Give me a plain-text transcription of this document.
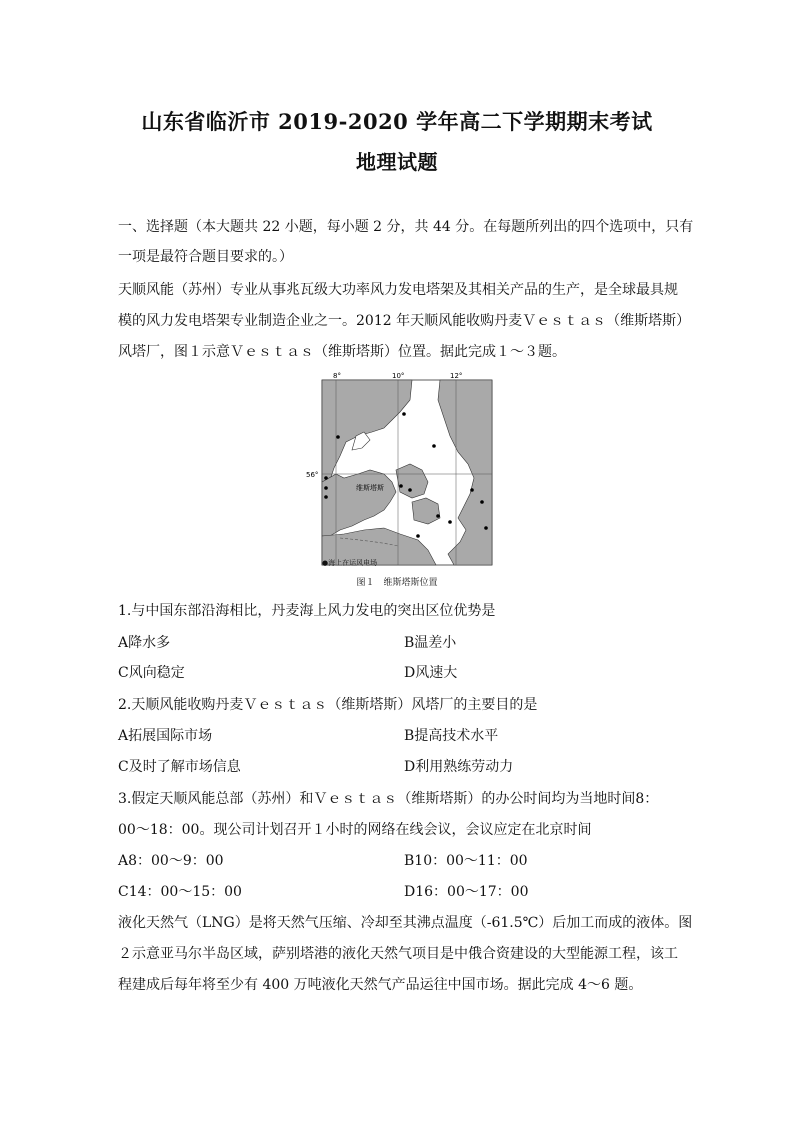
山东省临沂市 2019-2020 学年高二下学期期末考试
地理试题
一、选择题（本大题共 22 小题，每小题 2 分，共 44 分。在每题所列出的四个选项中，只有
一项是最符合题目要求的。）
天顺风能（苏州）专业从事兆瓦级大功率风力发电塔架及其相关产品的生产，是全球最具规
模的风力发电塔架专业制造企业之一。2012 年天顺风能收购丹麦Ｖｅｓｔａｓ（维斯塔斯）
风塔厂，图１示意Ｖｅｓｔａｓ（维斯塔斯）位置。据此完成１～３题。
8°	10°	12°
56°
维斯塔斯
●海上在运风电场
图１　维斯塔斯位置
1.与中国东部沿海相比，丹麦海上风力发电的突出区位优势是
A降水多	B温差小
C风向稳定	D风速大
2.天顺风能收购丹麦Ｖｅｓｔａｓ（维斯塔斯）风塔厂的主要目的是
A拓展国际市场	B提高技术水平
C及时了解市场信息	D利用熟练劳动力
3.假定天顺风能总部（苏州）和Ｖｅｓｔａｓ（维斯塔斯）的办公时间均为当地时间8：
00～18：00。现公司计划召开１小时的网络在线会议，会议应定在北京时间
A8：00～9：00	B10：00～11：00
C14：00～15：00	D16：00～17：00
液化天然气（LNG）是将天然气压缩、冷却至其沸点温度（-61.5℃）后加工而成的液体。图
２示意亚马尔半岛区域，萨别塔港的液化天然气项目是中俄合资建设的大型能源工程，该工
程建成后每年将至少有 400 万吨液化天然气产品运往中国市场。据此完成 4～6 题。
